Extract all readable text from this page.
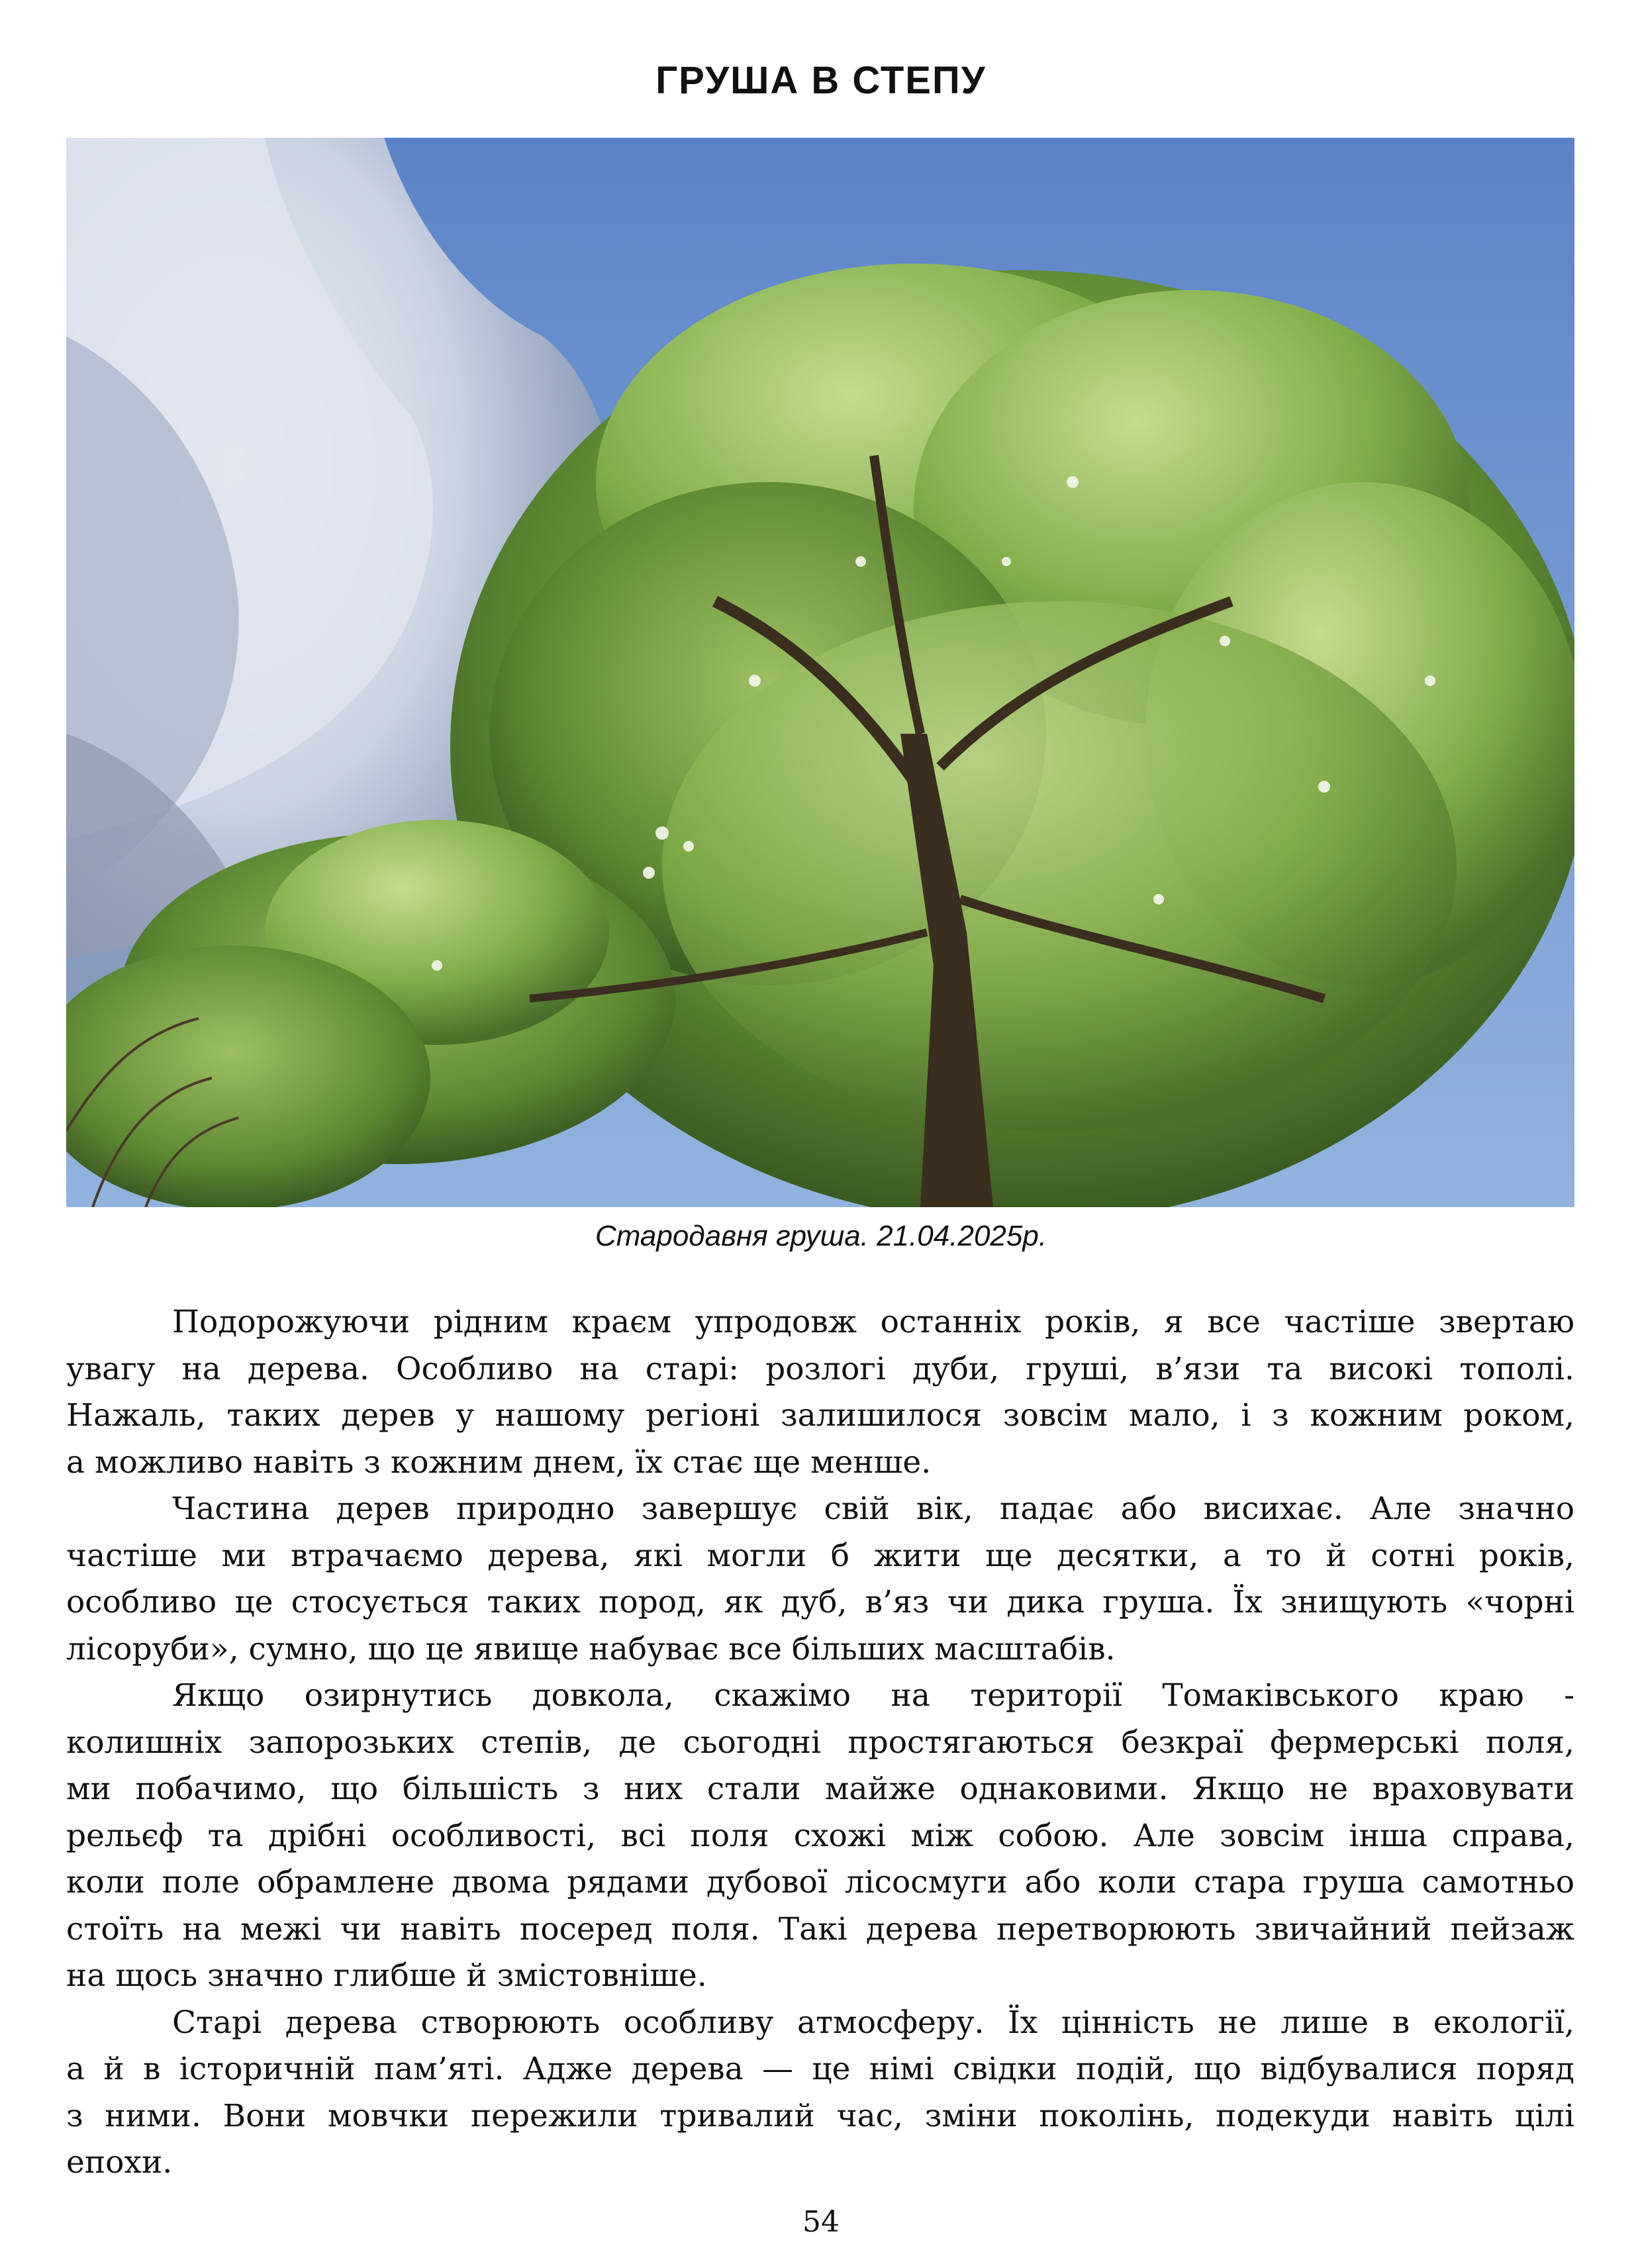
ГРУША В СТЕПУ
Стародавня груша. 21.04.2025р.
Подорожуючи рідним краєм упродовж останніх років, я все частіше звертаю
увагу на дерева. Особливо на старі: розлогі дуби, груші, в’язи та високі тополі.
Нажаль, таких дерев у нашому регіоні залишилося зовсім мало, і з кожним роком,
а можливо навіть з кожним днем, їх стає ще менше.
Частина дерев природно завершує свій вік, падає або висихає. Але значно
частіше ми втрачаємо дерева, які могли б жити ще десятки, а то й сотні років,
особливо це стосується таких пород, як дуб, в’яз чи дика груша. Їх знищують «чорні
лісоруби», сумно, що це явище набуває все більших масштабів.
Якщо озирнутись довкола, скажімо на території Томаківського краю -
колишніх запорозьких степів, де сьогодні простягаються безкраї фермерські поля,
ми побачимо, що більшість з них стали майже однаковими. Якщо не враховувати
рельєф та дрібні особливості, всі поля схожі між собою. Але зовсім інша справа,
коли поле обрамлене двома рядами дубової лісосмуги або коли стара груша самотньо
стоїть на межі чи навіть посеред поля. Такі дерева перетворюють звичайний пейзаж
на щось значно глибше й змістовніше.
Старі дерева створюють особливу атмосферу. Їх цінність не лише в екології,
а й в історичній пам’яті. Адже дерева — це німі свідки подій, що відбувалися поряд
з ними. Вони мовчки пережили тривалий час, зміни поколінь, подекуди навіть цілі
епохи.
54
